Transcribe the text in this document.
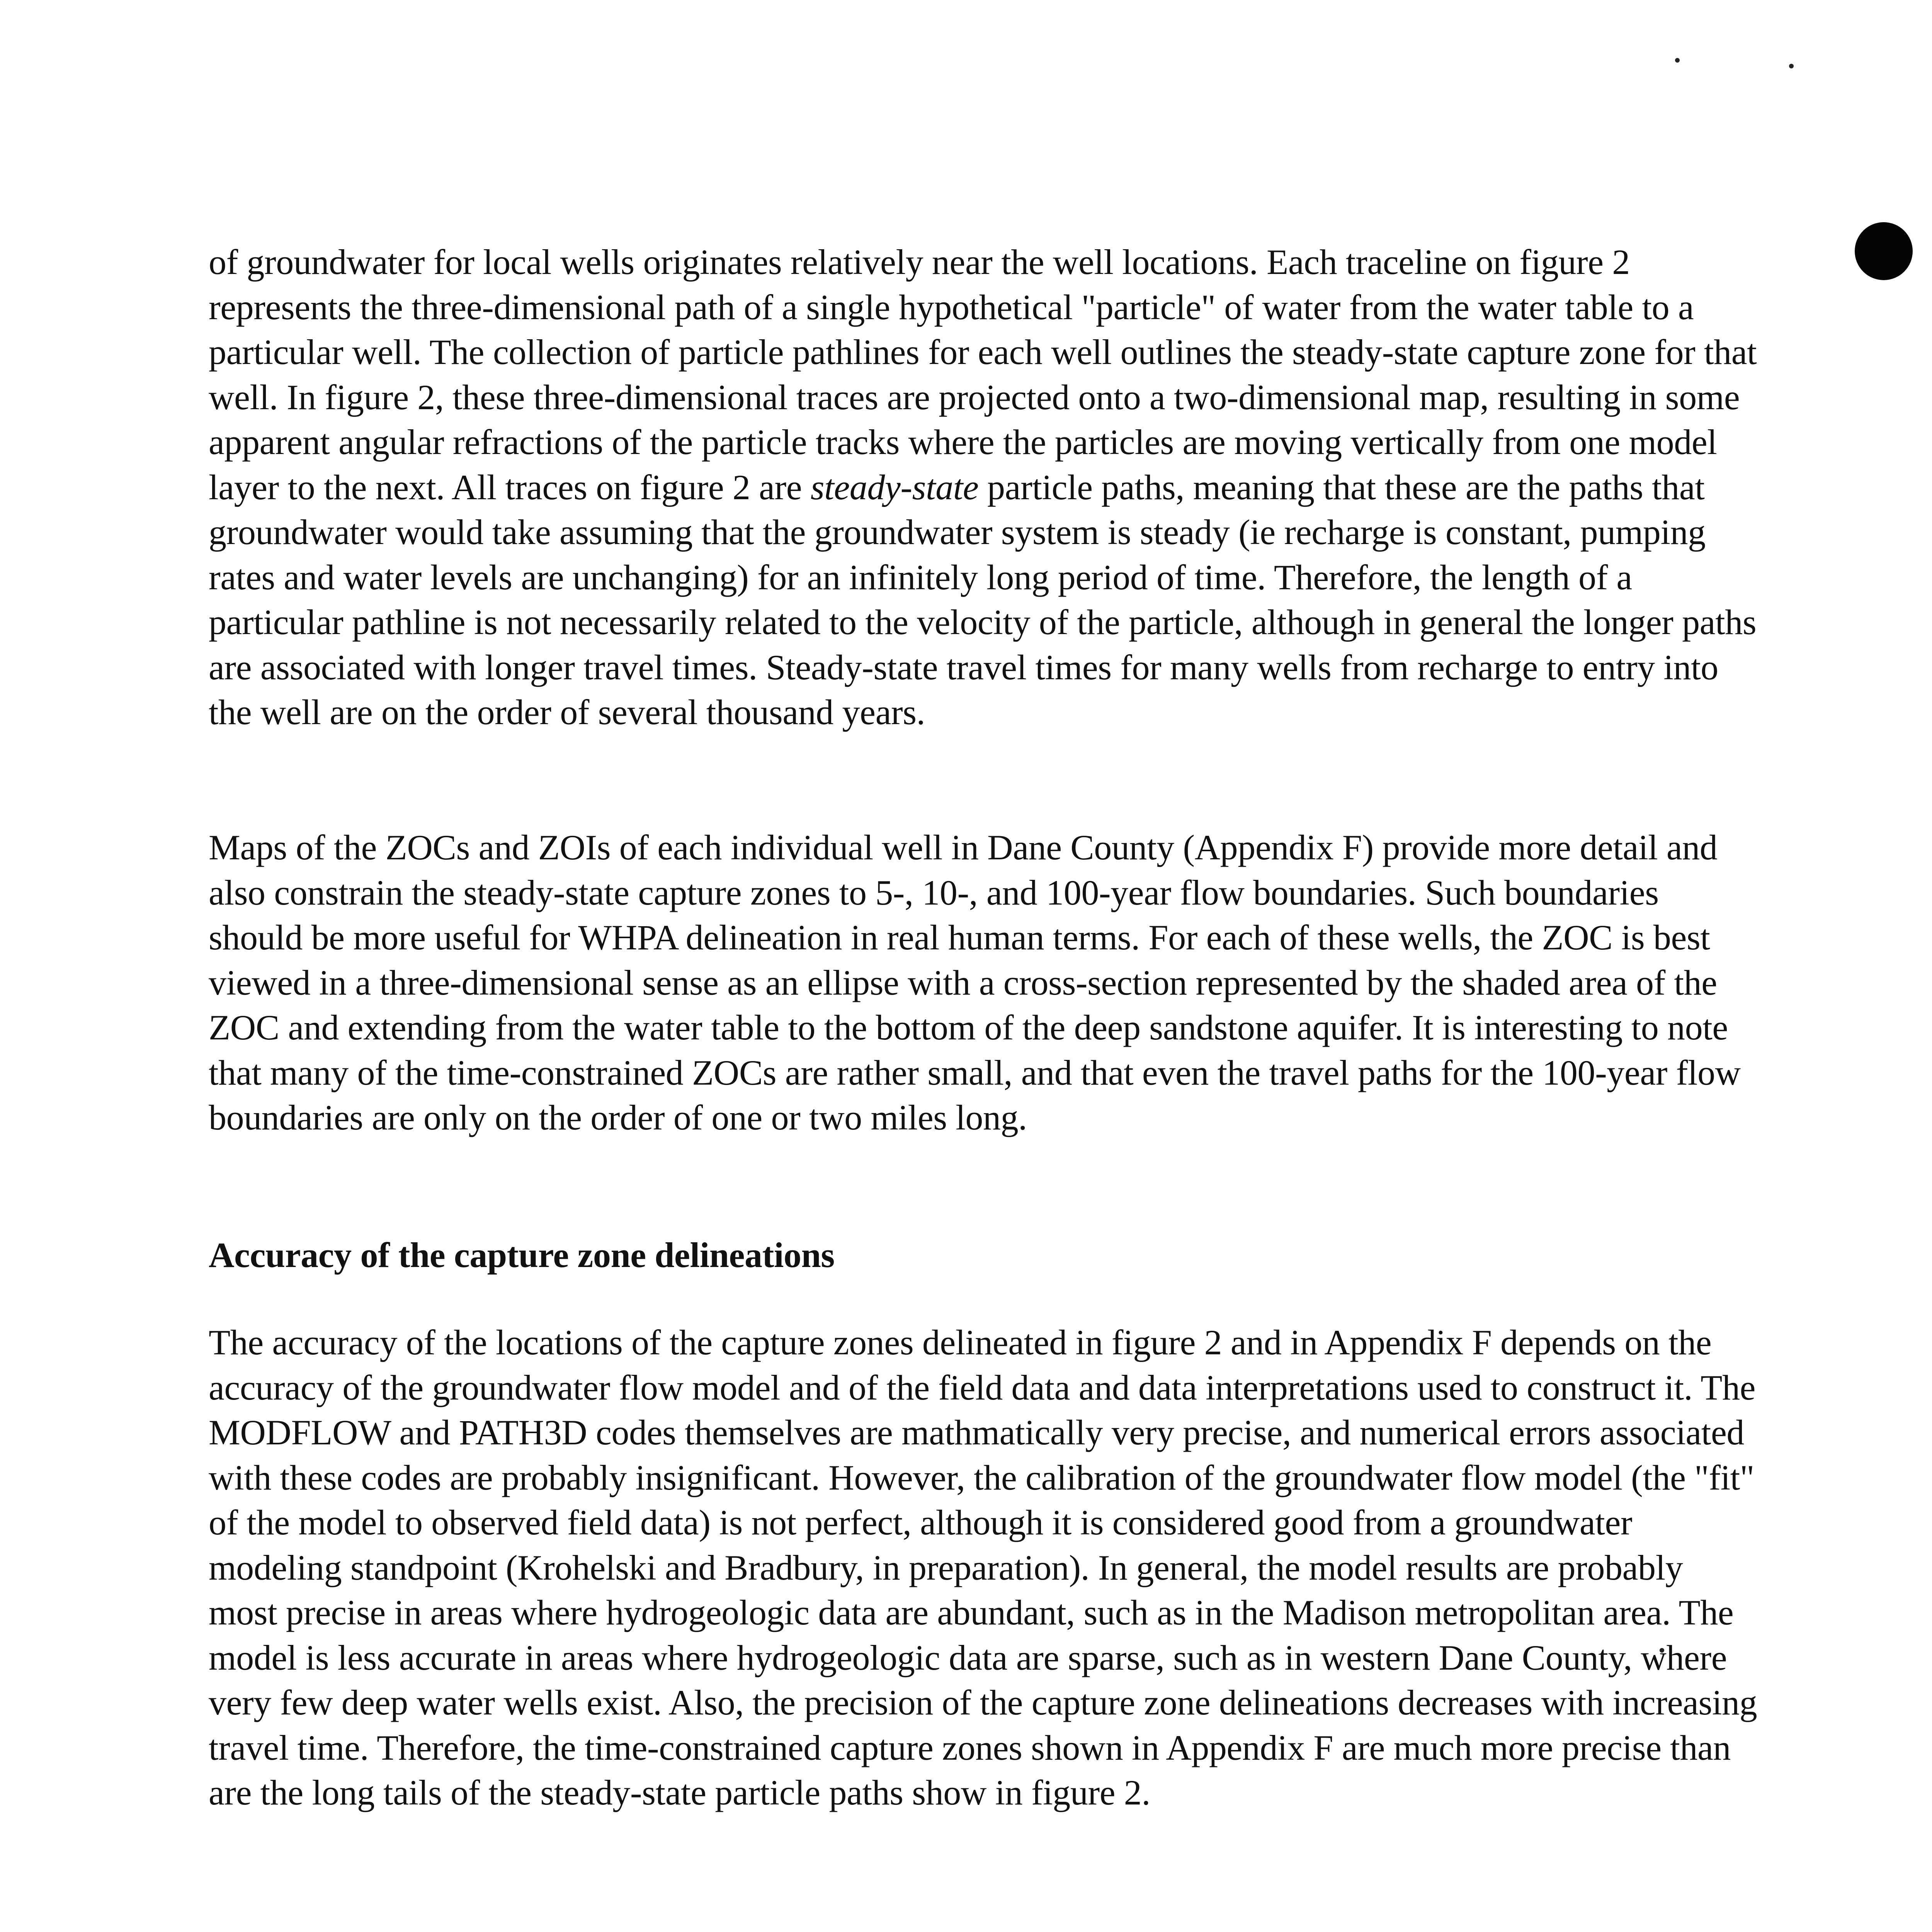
of groundwater for local wells originates relatively near the well locations. Each traceline on figure 2 represents the three-dimensional path of a single hypothetical "particle" of water from the water table to a particular well. The collection of particle pathlines for each well outlines the steady-state capture zone for that well. In figure 2, these three-dimensional traces are projected onto a two-dimensional map, resulting in some apparent angular refractions of the particle tracks where the particles are moving vertically from one model layer to the next. All traces on figure 2 are steady-state particle paths, meaning that these are the paths that groundwater would take assuming that the groundwater system is steady (ie recharge is constant, pumping rates and water levels are unchanging) for an infinitely long period of time. Therefore, the length of a particular pathline is not necessarily related to the velocity of the particle, although in general the longer paths are associated with longer travel times. Steady-state travel times for many wells from recharge to entry into the well are on the order of several thousand years.

Maps of the ZOCs and ZOIs of each individual well in Dane County (Appendix F) provide more detail and also constrain the steady-state capture zones to 5-, 10-, and 100-year flow boundaries. Such boundaries should be more useful for WHPA delineation in real human terms. For each of these wells, the ZOC is best viewed in a three-dimensional sense as an ellipse with a cross-section represented by the shaded area of the ZOC and extending from the water table to the bottom of the deep sandstone aquifer. It is interesting to note that many of the time-constrained ZOCs are rather small, and that even the travel paths for the 100-year flow boundaries are only on the order of one or two miles long.

Accuracy of the capture zone delineations

The accuracy of the locations of the capture zones delineated in figure 2 and in Appendix F depends on the accuracy of the groundwater flow model and of the field data and data interpretations used to construct it. The MODFLOW and PATH3D codes themselves are mathmatically very precise, and numerical errors associated with these codes are probably insignificant. However, the calibration of the groundwater flow model (the "fit" of the model to observed field data) is not perfect, although it is considered good from a groundwater modeling standpoint (Krohelski and Bradbury, in preparation). In general, the model results are probably most precise in areas where hydrogeologic data are abundant, such as in the Madison metropolitan area. The model is less accurate in areas where hydrogeologic data are sparse, such as in western Dane County, where very few deep water wells exist. Also, the precision of the capture zone delineations decreases with increasing travel time. Therefore, the time-constrained capture zones shown in Appendix F are much more precise than are the long tails of the steady-state particle paths show in figure 2.
